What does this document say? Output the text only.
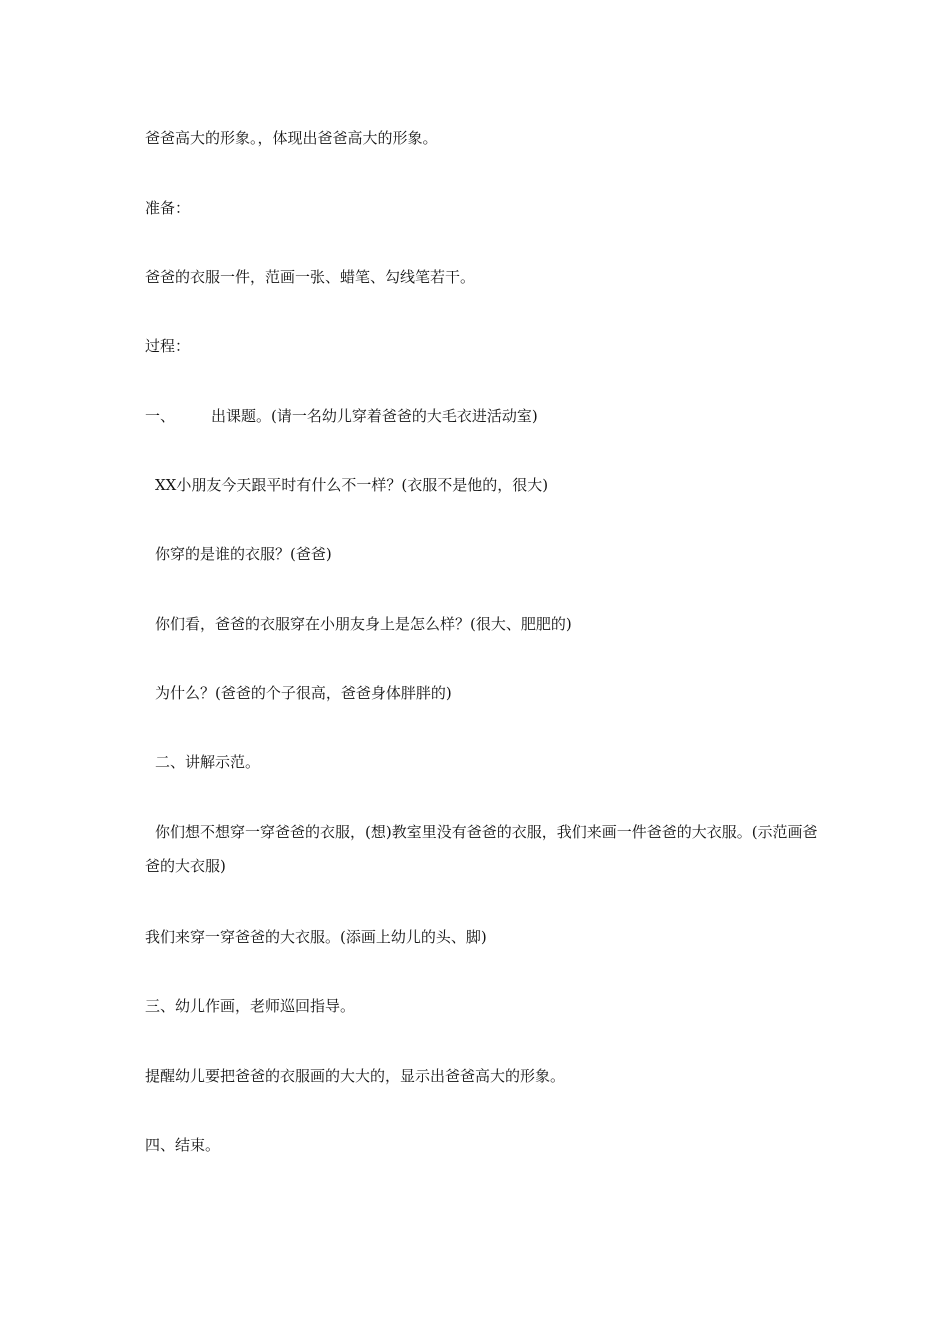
爸爸高大的形象。，体现出爸爸高大的形象。
准备：
爸爸的衣服一件，范画一张、蜡笔、勾线笔若干。
过程：
一、 出课题。(请一名幼儿穿着爸爸的大毛衣进活动室)
XX小朋友今天跟平时有什么不一样？(衣服不是他的，很大)
你穿的是谁的衣服？(爸爸)
你们看，爸爸的衣服穿在小朋友身上是怎么样？(很大、肥肥的)
为什么？(爸爸的个子很高，爸爸身体胖胖的)
二、讲解示范。
你们想不想穿一穿爸爸的衣服，(想)教室里没有爸爸的衣服，我们来画一件爸爸的大衣服。(示范画爸爸的大衣服)
我们来穿一穿爸爸的大衣服。(添画上幼儿的头、脚)
三、幼儿作画，老师巡回指导。
提醒幼儿要把爸爸的衣服画的大大的，显示出爸爸高大的形象。
四、结束。
